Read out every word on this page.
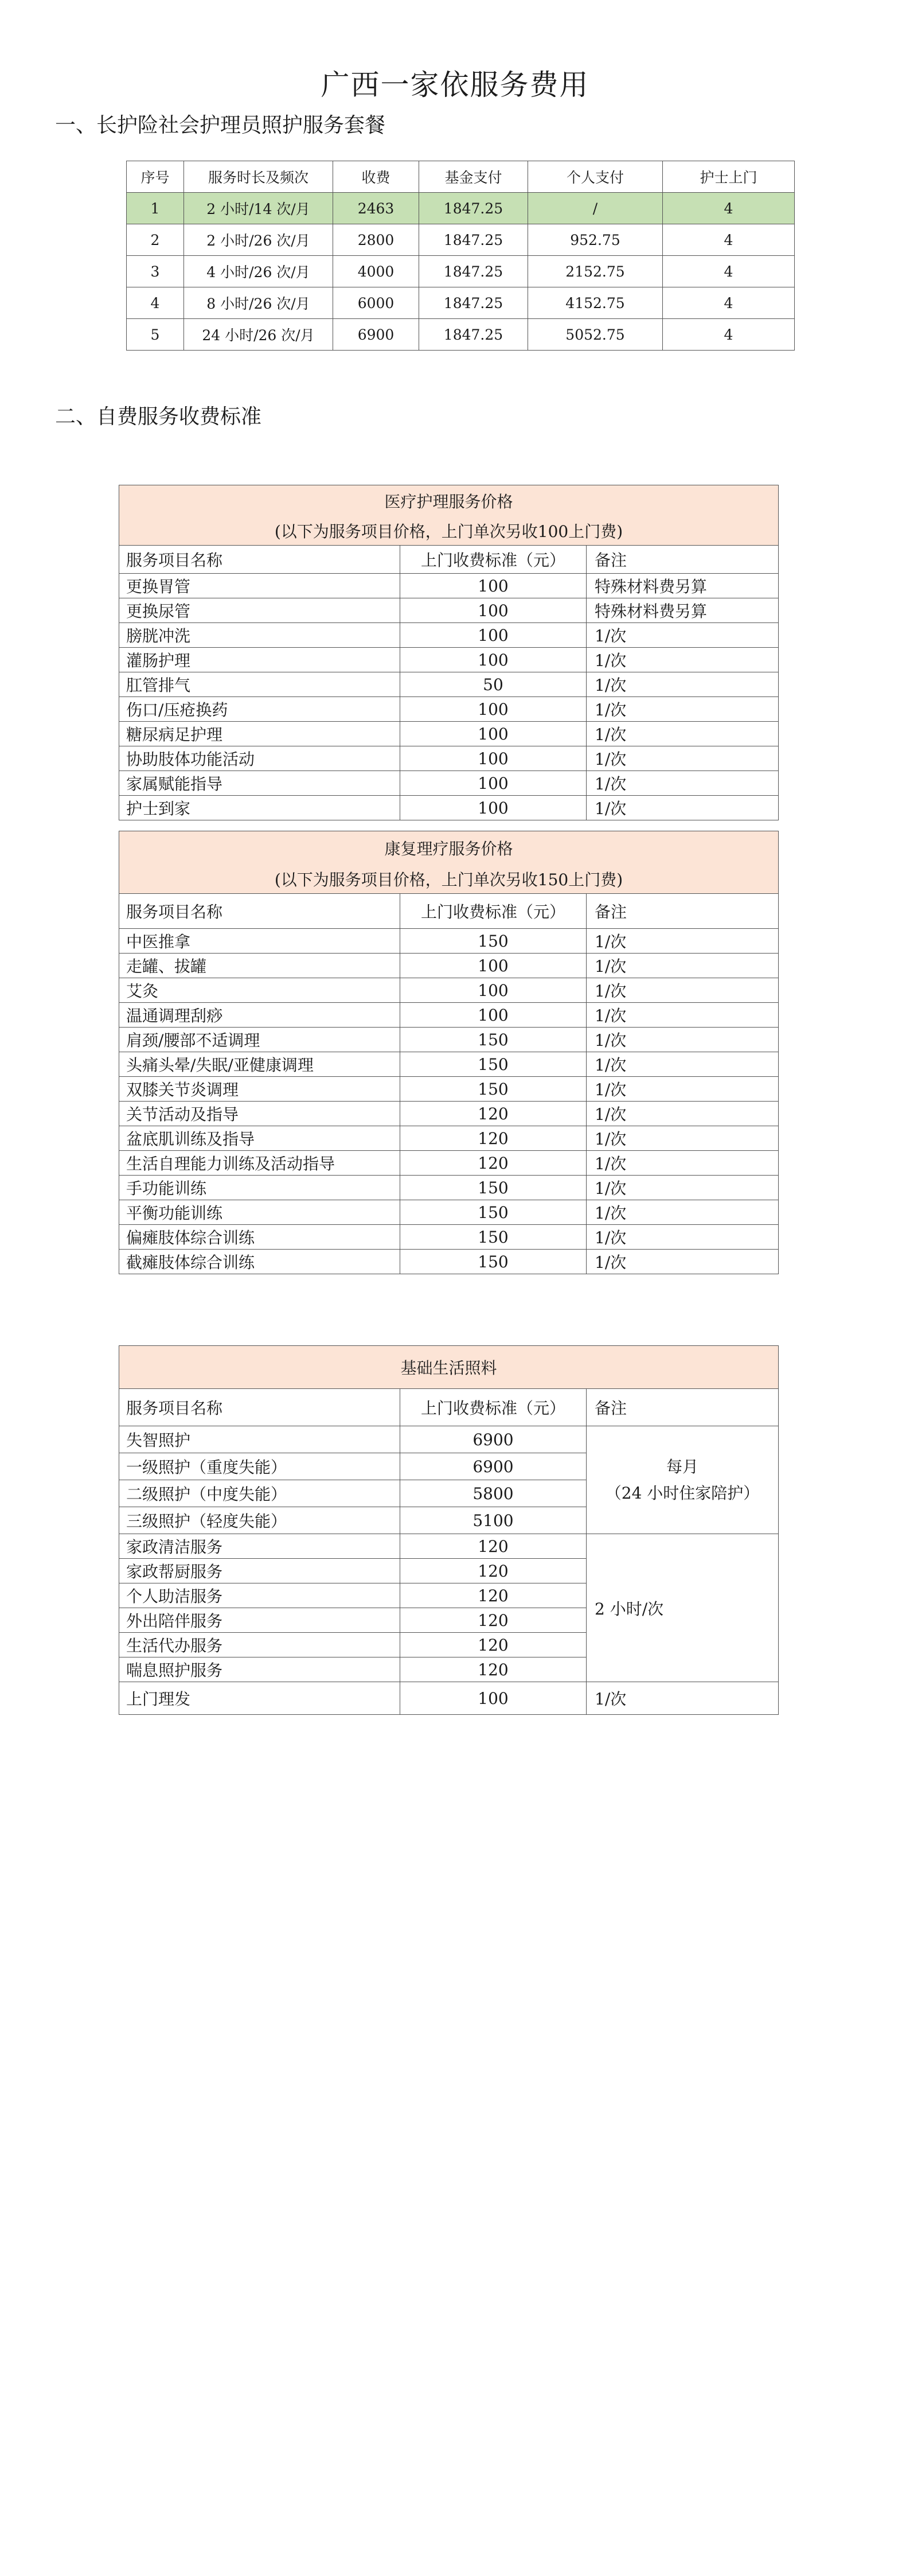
广西一家依服务费用
一、长护险社会护理员照护服务套餐
序号	服务时长及频次	收费	基金支付	个人支付	护士上门
1	2 小时/14 次/月	2463	1847.25	/	4
2	2 小时/26 次/月	2800	1847.25	952.75	4
3	4 小时/26 次/月	4000	1847.25	2152.75	4
4	8 小时/26 次/月	6000	1847.25	4152.75	4
5	24 小时/26 次/月	6900	1847.25	5052.75	4
二、自费服务收费标准
医疗护理服务价格		
(以下为服务项目价格，上门单次另收100上门费)		
服务项目名称	上门收费标准（元）	备注
更换胃管	100	特殊材料费另算
更换尿管	100	特殊材料费另算
膀胱冲洗	100	1/次
灌肠护理	100	1/次
肛管排气	50	1/次
伤口/压疮换药	100	1/次
糖尿病足护理	100	1/次
协助肢体功能活动	100	1/次
家属赋能指导	100	1/次
护士到家	100	1/次
康复理疗服务价格		
(以下为服务项目价格，上门单次另收150上门费)		
服务项目名称	上门收费标准（元）	备注
中医推拿	150	1/次
走罐、拔罐	100	1/次
艾灸	100	1/次
温通调理刮痧	100	1/次
肩颈/腰部不适调理	150	1/次
头痛头晕/失眠/亚健康调理	150	1/次
双膝关节炎调理	150	1/次
关节活动及指导	120	1/次
盆底肌训练及指导	120	1/次
生活自理能力训练及活动指导	120	1/次
手功能训练	150	1/次
平衡功能训练	150	1/次
偏瘫肢体综合训练	150	1/次
截瘫肢体综合训练	150	1/次
基础生活照料		
服务项目名称	上门收费标准（元）	备注
失智照护	6900	每月
（24 小时住家陪护）

一级照护（重度失能）	6900	
二级照护（中度失能）	5800	
三级照护（轻度失能）	5100	
家政清洁服务	120	2 小时/次
家政帮厨服务	120	
个人助洁服务	120	
外出陪伴服务	120	
生活代办服务	120	
喘息照护服务	120	
上门理发	100	1/次
